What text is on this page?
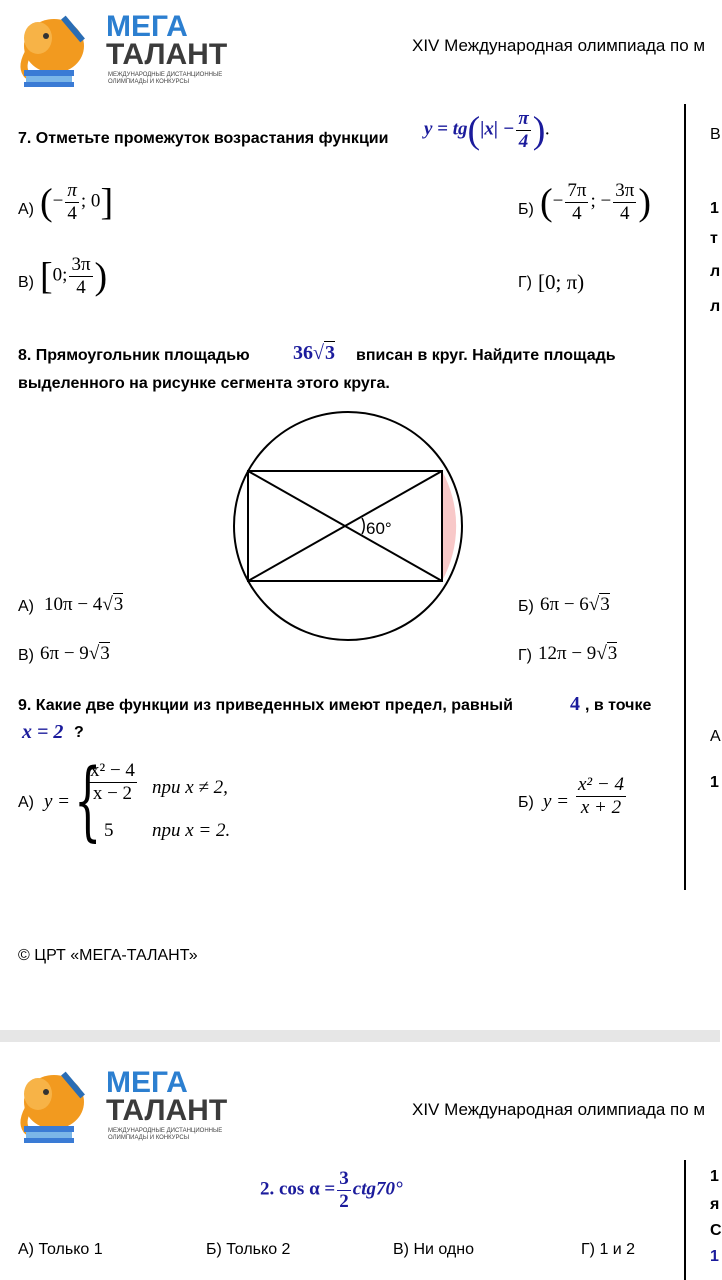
МЕГА
ТАЛАНТ
МЕЖДУНАРОДНЫЕ ДИСТАНЦИОННЫЕ
ОЛИМПИАДЫ И КОНКУРСЫ
XIV Международная олимпиада по м
В
1
т
л
л
А
1
7. Отметьте промежуток возрастания функции $y = tg(|x| - \frac{\pi}{4}$ ).
А) (− $\frac{\pi}{4}$ ; 0]	Б) (− $\frac{7\pi}{4}$ ; − $\frac{3\pi}{4}$ )
В) [0; $\frac{3\pi}{4}$ )	Г) [0; π)
8. Прямоугольник площадью 36√3 вписан в круг. Найдите площадь
выделенного на рисунке сегмента этого круга.
60°
А) 10π − 4√3	Б) 6π − 6√3
В) 6π − 9√3	Г) 12π − 9√3
9. Какие две функции из приведенных имеют предел, равный	4 , в точке
x = 2 ?
А) y = {
$\frac{\text{x² − 4}}{x - 2}$ при x ≠ 2,
5 при x = 2.
Б) $y = \frac{\text{x² − 4}}{x + 2}$
© ЦРТ «МЕГА-ТАЛАНТ»
МЕГА
ТАЛАНТ
МЕЖДУНАРОДНЫЕ ДИСТАНЦИОННЫЕ
ОЛИМПИАДЫ И КОНКУРСЫ
XIV Международная олимпиада по м
1
я
С
1
2. $\cos \alpha = \frac{3}{2} ctg70^\circ$
А) Только 1	Б) Только 2	В) Ни одно	Г) 1 и 2
